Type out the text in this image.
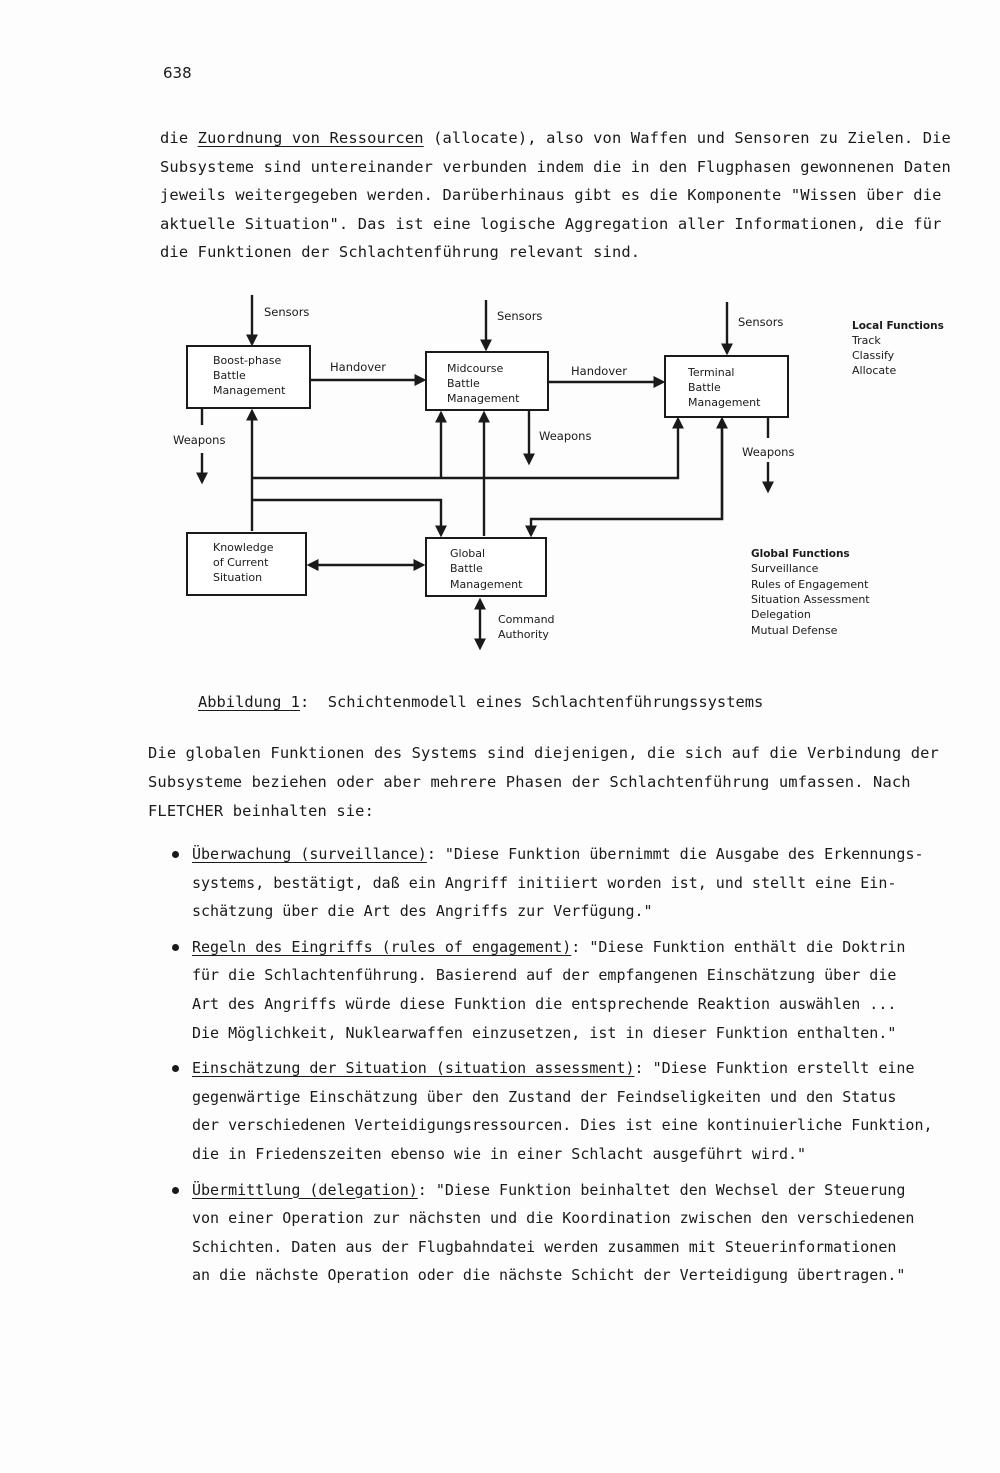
638

die Zuordnung von Ressourcen (allocate), also von Waffen und Sensoren zu Zielen. Die

Subsysteme sind untereinander verbunden indem die in den Flugphasen gewonnenen Daten

jeweils weitergegeben werden. Darüberhinaus gibt es die Komponente "Wissen über die

aktuelle Situation". Das ist eine logische Aggregation aller Informationen, die für

die Funktionen der Schlachtenführung relevant sind.

Sensors	Sensors	Sensors
Boost-phase
Battle
Management
Midcourse
Battle
Management
Terminal
Battle
Management
Handover	Handover
Weapons	Weapons
Weapons
Knowledge
of Current
Situation
Global
Battle
Management
Command
Authority
Local Functions
Track
Classify
Allocate
Global Functions
Surveillance
Rules of Engagement
Situation Assessment
Delegation
Mutual Defense
Abbildung 1: Schichtenmodell eines Schlachtenführungssystems

Die globalen Funktionen des Systems sind diejenigen, die sich auf die Verbindung der

Subsysteme beziehen oder aber mehrere Phasen der Schlachtenführung umfassen. Nach

FLETCHER beinhalten sie:

Überwachung (surveillance): "Diese Funktion übernimmt die Ausgabe des Erkennungs-

systems, bestätigt, daß ein Angriff initiiert worden ist, und stellt eine Ein-

schätzung über die Art des Angriffs zur Verfügung."

Regeln des Eingriffs (rules of engagement): "Diese Funktion enthält die Doktrin

für die Schlachtenführung. Basierend auf der empfangenen Einschätzung über die

Art des Angriffs würde diese Funktion die entsprechende Reaktion auswählen ...

Die Möglichkeit, Nuklearwaffen einzusetzen, ist in dieser Funktion enthalten."

Einschätzung der Situation (situation assessment): "Diese Funktion erstellt eine

gegenwärtige Einschätzung über den Zustand der Feindseligkeiten und den Status

der verschiedenen Verteidigungsressourcen. Dies ist eine kontinuierliche Funktion,

die in Friedenszeiten ebenso wie in einer Schlacht ausgeführt wird."

Übermittlung (delegation): "Diese Funktion beinhaltet den Wechsel der Steuerung

von einer Operation zur nächsten und die Koordination zwischen den verschiedenen

Schichten. Daten aus der Flugbahndatei werden zusammen mit Steuerinformationen

an die nächste Operation oder die nächste Schicht der Verteidigung übertragen."
